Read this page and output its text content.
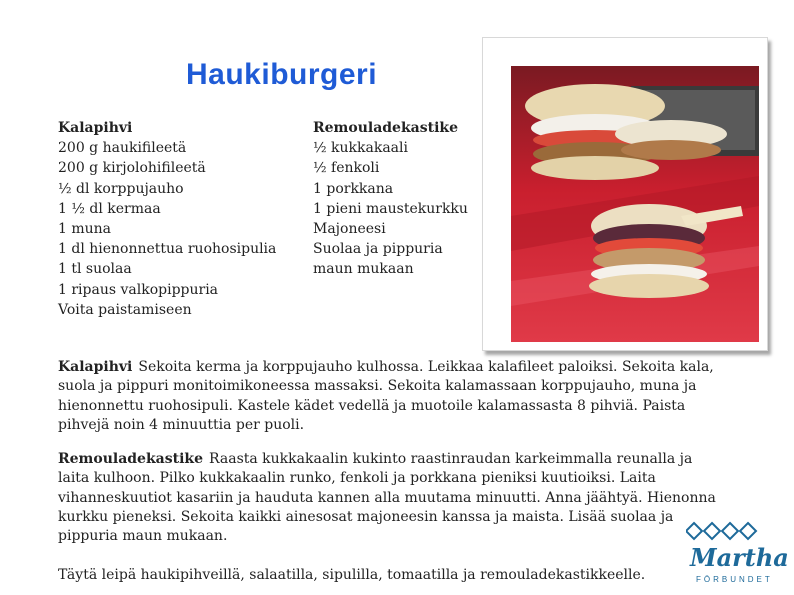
Haukiburgeri
Kalapihvi
200 g haukifileetä
200 g kirjolohifileetä
½ dl korppujauho
1 ½ dl kermaa
1 muna
1 dl hienonnettua ruohosipulia
1 tl suolaa
1 ripaus valkopippuria
Voita paistamiseen
Remouladekastike
½ kukkakaali
½ fenkoli
1 porkkana
1 pieni maustekurkku
Majoneesi
Suolaa ja pippuria
maun mukaan
Kalapihvi Sekoita kerma ja korppujauho kulhossa. Leikkaa kalafileet paloiksi. Sekoita kala, suola ja pippuri monitoimikoneessa massaksi. Sekoita kalamassaan korppujauho, muna ja hienonnettu ruohosipuli. Kastele kädet vedellä ja muotoile kalamassasta 8 pihviä. Paista pihvejä noin 4 minuuttia per puoli.
Remouladekastike Raasta kukkakaalin kukinto raastinraudan karkeimmalla reunalla ja laita kulhoon. Pilko kukkakaalin runko, fenkoli ja porkkana pieniksi kuutioiksi. Laita vihanneskuutiot kasariin ja hauduta kannen alla muutama minuutti. Anna jäähtyä. Hienonna kurkku pieneksi. Sekoita kaikki ainesosat majoneesin kanssa ja maista. Lisää suolaa ja pippuria maun mukaan.
Täytä leipä haukipihveillä, salaatilla, sipulilla, tomaatilla ja remouladekastikkeelle.
Martha
FÖRBUNDET
